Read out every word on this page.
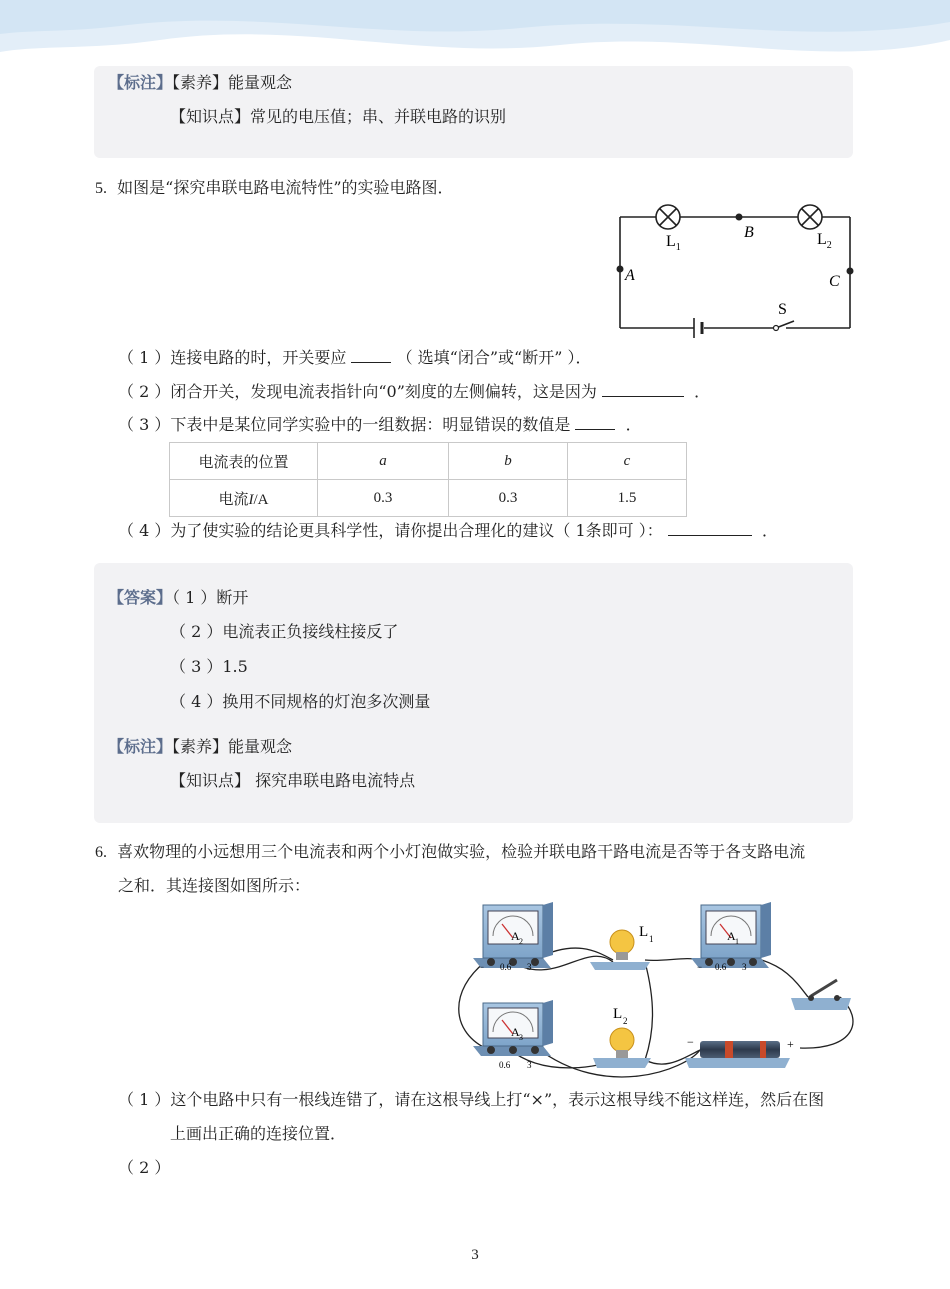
【标注】【素养】能量观念
【知识点】常见的电压值；串、并联电路的识别
5. 如图是“探究串联电路电流特性”的实验电路图．
$L_1$	$L_2$
B
A	C
S
（ 1 ）连接电路的时，开关要应	（ 选填“闭合”或“断开” ）．
（ 2 ）闭合开关，发现电流表指针向“0”刻度的左侧偏转，这是因为	．
（ 3 ）下表中是某位同学实验中的一组数据：明显错误的数值是	．
电流表的位置	a	b	c
电流I/A	0.3	0.3	1.5
（ 4 ）为了使实验的结论更具科学性，请你提出合理化的建议（ 1条即可 ）：	．
【答案】（ 1 ）断开
（ 2 ）电流表正负接线柱接反了
（ 3 ）1.5
（ 4 ）换用不同规格的灯泡多次测量
【标注】【素养】能量观念
【知识点】 探究串联电路电流特点
6. 喜欢物理的小远想用三个电流表和两个小灯泡做实验，检验并联电路干路电流是否等于各支路电流
之和．其连接图如图所示：
A 2
− 0.6 3
A 3
0.6 3
A 1
− 0.6 3
L 1
L 2
−	+
（ 1 ）这个电路中只有一根线连错了，请在这根导线上打“×”，表示这根导线不能这样连，然后在图
上画出正确的连接位置．
（ 2 ）
3
